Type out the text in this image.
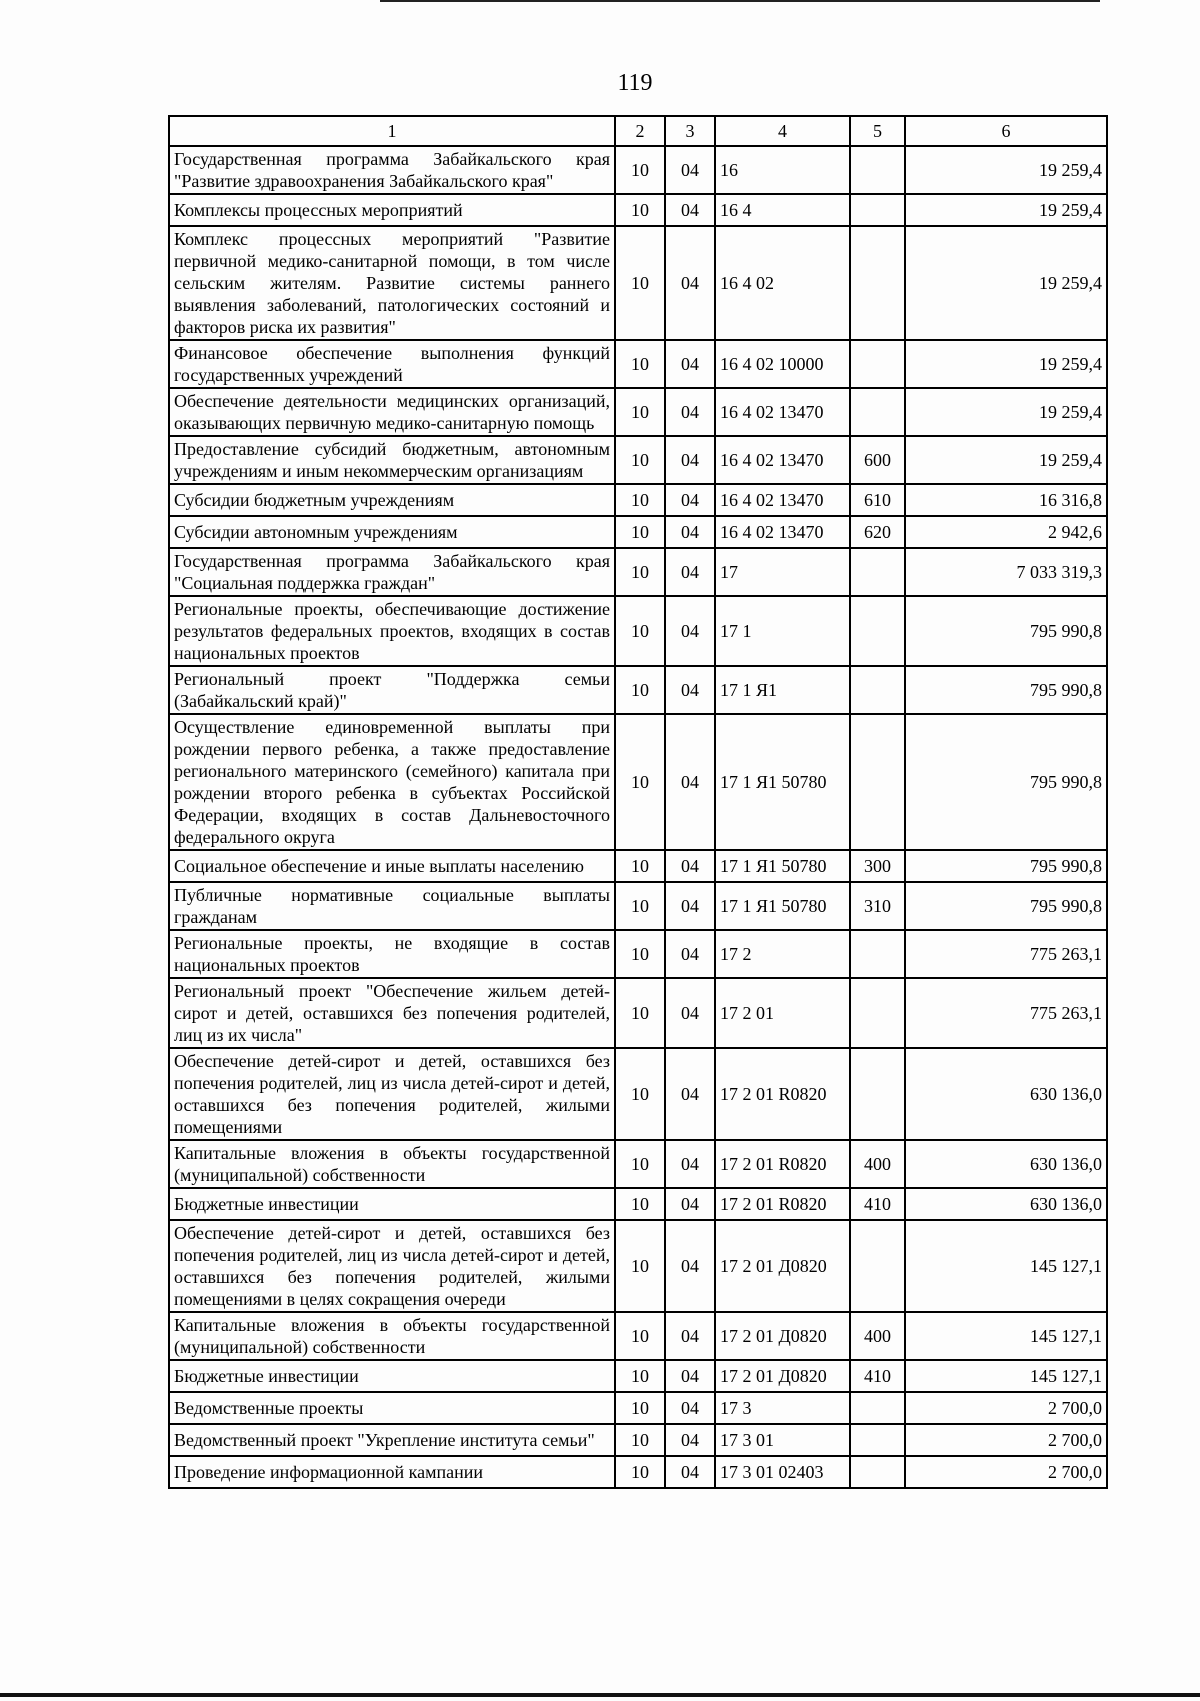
119
1	2	3	4	5	6
Государственная программа Забайкальского края "Развитие здравоохранения Забайкальского края"	10	04	16		19 259,4
Комплексы процессных мероприятий	10	04	16 4		19 259,4
Комплекс процессных мероприятий "Развитие первичной медико-санитарной помощи, в том числе сельским жителям. Развитие системы раннего выявления заболеваний, патологических состояний и факторов риска их развития"	10	04	16 4 02		19 259,4
Финансовое обеспечение выполнения функций государственных учреждений	10	04	16 4 02 10000		19 259,4
Обеспечение деятельности медицинских организаций, оказывающих первичную медико-санитарную помощь	10	04	16 4 02 13470		19 259,4
Предоставление субсидий бюджетным, автономным учреждениям и иным некоммерческим организациям	10	04	16 4 02 13470	600	19 259,4
Субсидии бюджетным учреждениям	10	04	16 4 02 13470	610	16 316,8
Субсидии автономным учреждениям	10	04	16 4 02 13470	620	2 942,6
Государственная программа Забайкальского края "Социальная поддержка граждан"	10	04	17		7 033 319,3
Региональные проекты, обеспечивающие достижение результатов федеральных проектов, входящих в состав национальных проектов	10	04	17 1		795 990,8
Региональный проект "Поддержка семьи (Забайкальский край)"	10	04	17 1 Я1		795 990,8
Осуществление единовременной выплаты при рождении первого ребенка, а также предоставление регионального материнского (семейного) капитала при рождении второго ребенка в субъектах Российской Федерации, входящих в состав Дальневосточного федерального округа	10	04	17 1 Я1 50780		795 990,8
Социальное обеспечение и иные выплаты населению	10	04	17 1 Я1 50780	300	795 990,8
Публичные нормативные социальные выплаты гражданам	10	04	17 1 Я1 50780	310	795 990,8
Региональные проекты, не входящие в состав национальных проектов	10	04	17 2		775 263,1
Региональный проект "Обеспечение жильем детей-сирот и детей, оставшихся без попечения родителей, лиц из их числа"	10	04	17 2 01		775 263,1
Обеспечение детей-сирот и детей, оставшихся без попечения родителей, лиц из числа детей-сирот и детей, оставшихся без попечения родителей, жилыми помещениями	10	04	17 2 01 R0820		630 136,0
Капитальные вложения в объекты государственной (муниципальной) собственности	10	04	17 2 01 R0820	400	630 136,0
Бюджетные инвестиции	10	04	17 2 01 R0820	410	630 136,0
Обеспечение детей-сирот и детей, оставшихся без попечения родителей, лиц из числа детей-сирот и детей, оставшихся без попечения родителей, жилыми помещениями в целях сокращения очереди	10	04	17 2 01 Д0820		145 127,1
Капитальные вложения в объекты государственной (муниципальной) собственности	10	04	17 2 01 Д0820	400	145 127,1
Бюджетные инвестиции	10	04	17 2 01 Д0820	410	145 127,1
Ведомственные проекты	10	04	17 3		2 700,0
Ведомственный проект "Укрепление института семьи"	10	04	17 3 01		2 700,0
Проведение информационной кампании	10	04	17 3 01 02403		2 700,0
